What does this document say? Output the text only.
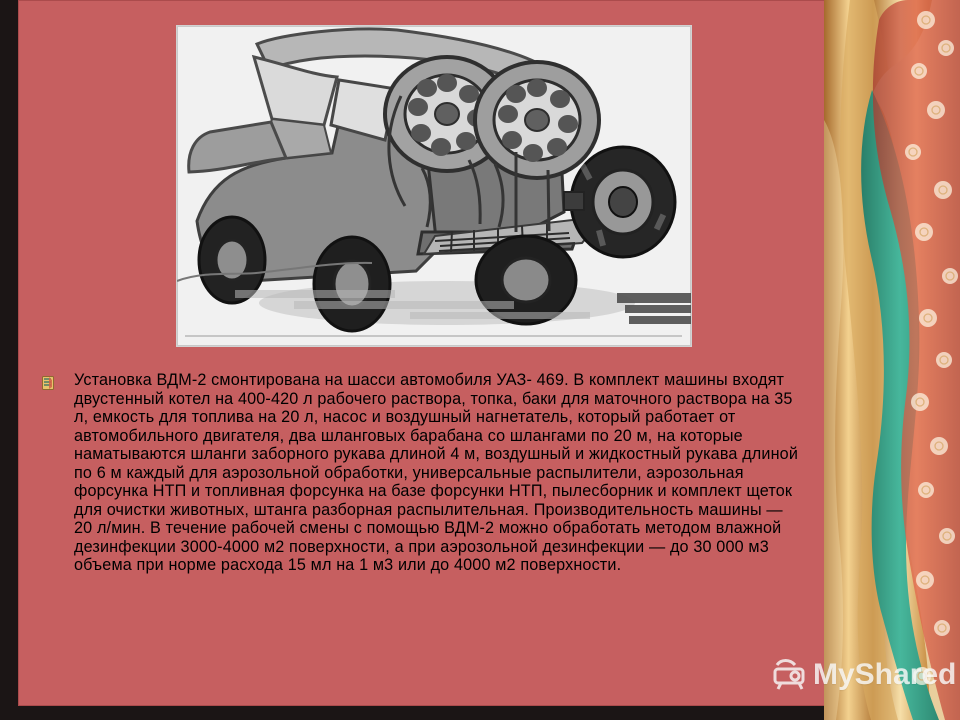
Установка ВДМ-2 смонтирована на шасси автомобиля УАЗ- 469. В комплект машины входят двустенный котел на 400-420 л рабочего раствора, топка, баки для маточного раствора на 35 л, емкость для топлива на 20 л, насос и воздушный нагнетатель, который работает от автомобильного двигателя, два шланговых барабана со шлангами по 20 м, на которые наматываются шланги заборного рукава длиной 4 м, воздушный и жидкостный рукава длиной по 6 м каждый для аэрозольной обработки, универсальные распылители, аэрозольная форсунка НТП и топливная форсунка на базе форсунки НТП, пылесборник и комплект щеток для очистки животных, штанга разборная распылительная. Производительность машины — 20 л/мин. В течение рабочей смены с помощью ВДМ-2 можно обработать методом влажной дезинфекции 3000-4000 м2 поверхности, а при аэрозольной дезинфекции — до 30 000 м3 объема при норме расхода 15 мл на 1 м3 или до 4000 м2 поверхности.
MyShared
